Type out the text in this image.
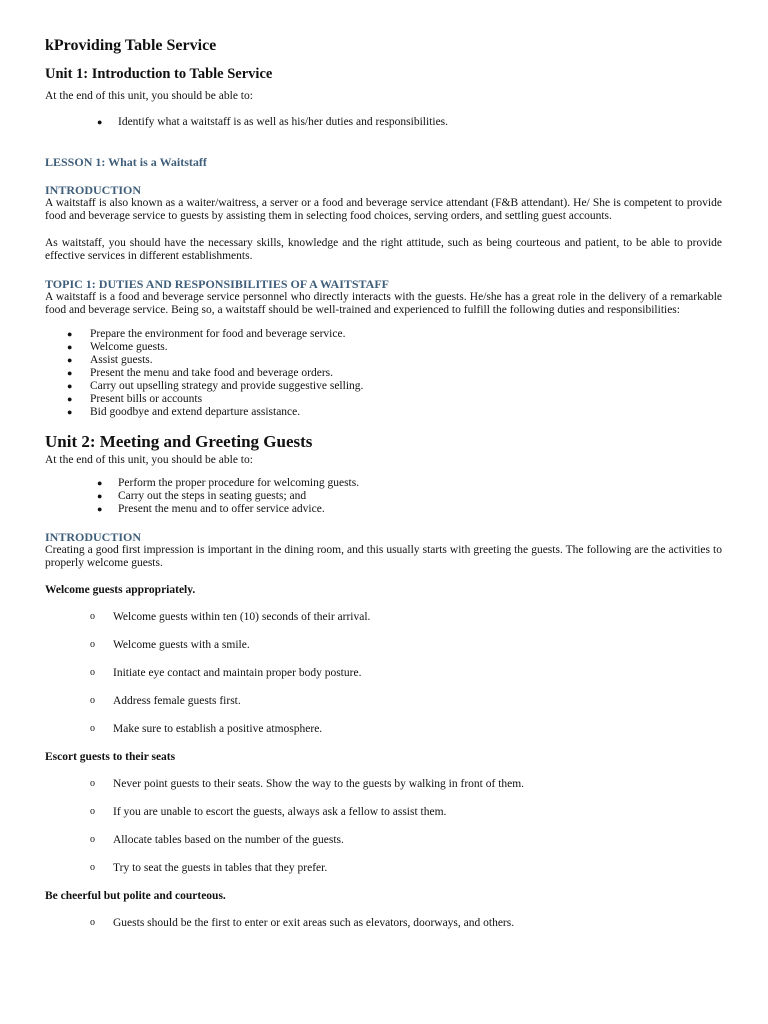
kProviding Table Service
Unit 1: Introduction to Table Service

At the end of this unit, you should be able to:

● Identify what a waitstaff is as well as his/her duties and responsibilities.
LESSON 1: What is a Waitstaff
INTRODUCTION

A waitstaff is also known as a waiter/waitress, a server or a food and beverage service attendant (F&B attendant). He/ She is competent to provide food and beverage service to guests by assisting them in selecting food choices, serving orders, and settling guest accounts.

As waitstaff, you should have the necessary skills, knowledge and the right attitude, such as being courteous and patient, to be able to provide effective services in different establishments.

TOPIC 1: DUTIES AND RESPONSIBILITIES OF A WAITSTAFF

A waitstaff is a food and beverage service personnel who directly interacts with the guests. He/she has a great role in the delivery of a remarkable food and beverage service. Being so, a waitstaff should be well-trained and experienced to fulfill the following duties and responsibilities:

● Prepare the environment for food and beverage service.
● Welcome guests.
● Assist guests.
● Present the menu and take food and beverage orders.
● Carry out upselling strategy and provide suggestive selling.
● Present bills or accounts
● Bid goodbye and extend departure assistance.
Unit 2: Meeting and Greeting Guests

At the end of this unit, you should be able to:

● Perform the proper procedure for welcoming guests.
● Carry out the steps in seating guests; and
● Present the menu and to offer service advice.
INTRODUCTION

Creating a good first impression is important in the dining room, and this usually starts with greeting the guests. The following are the activities to properly welcome guests.

Welcome guests appropriately.
o Welcome guests within ten (10) seconds of their arrival.
o Welcome guests with a smile.
o Initiate eye contact and maintain proper body posture.
o Address female guests first.
o Make sure to establish a positive atmosphere.
Escort guests to their seats
o Never point guests to their seats. Show the way to the guests by walking in front of them.
o If you are unable to escort the guests, always ask a fellow to assist them.
o Allocate tables based on the number of the guests.
o Try to seat the guests in tables that they prefer.
Be cheerful but polite and courteous.
o Guests should be the first to enter or exit areas such as elevators, doorways, and others.
